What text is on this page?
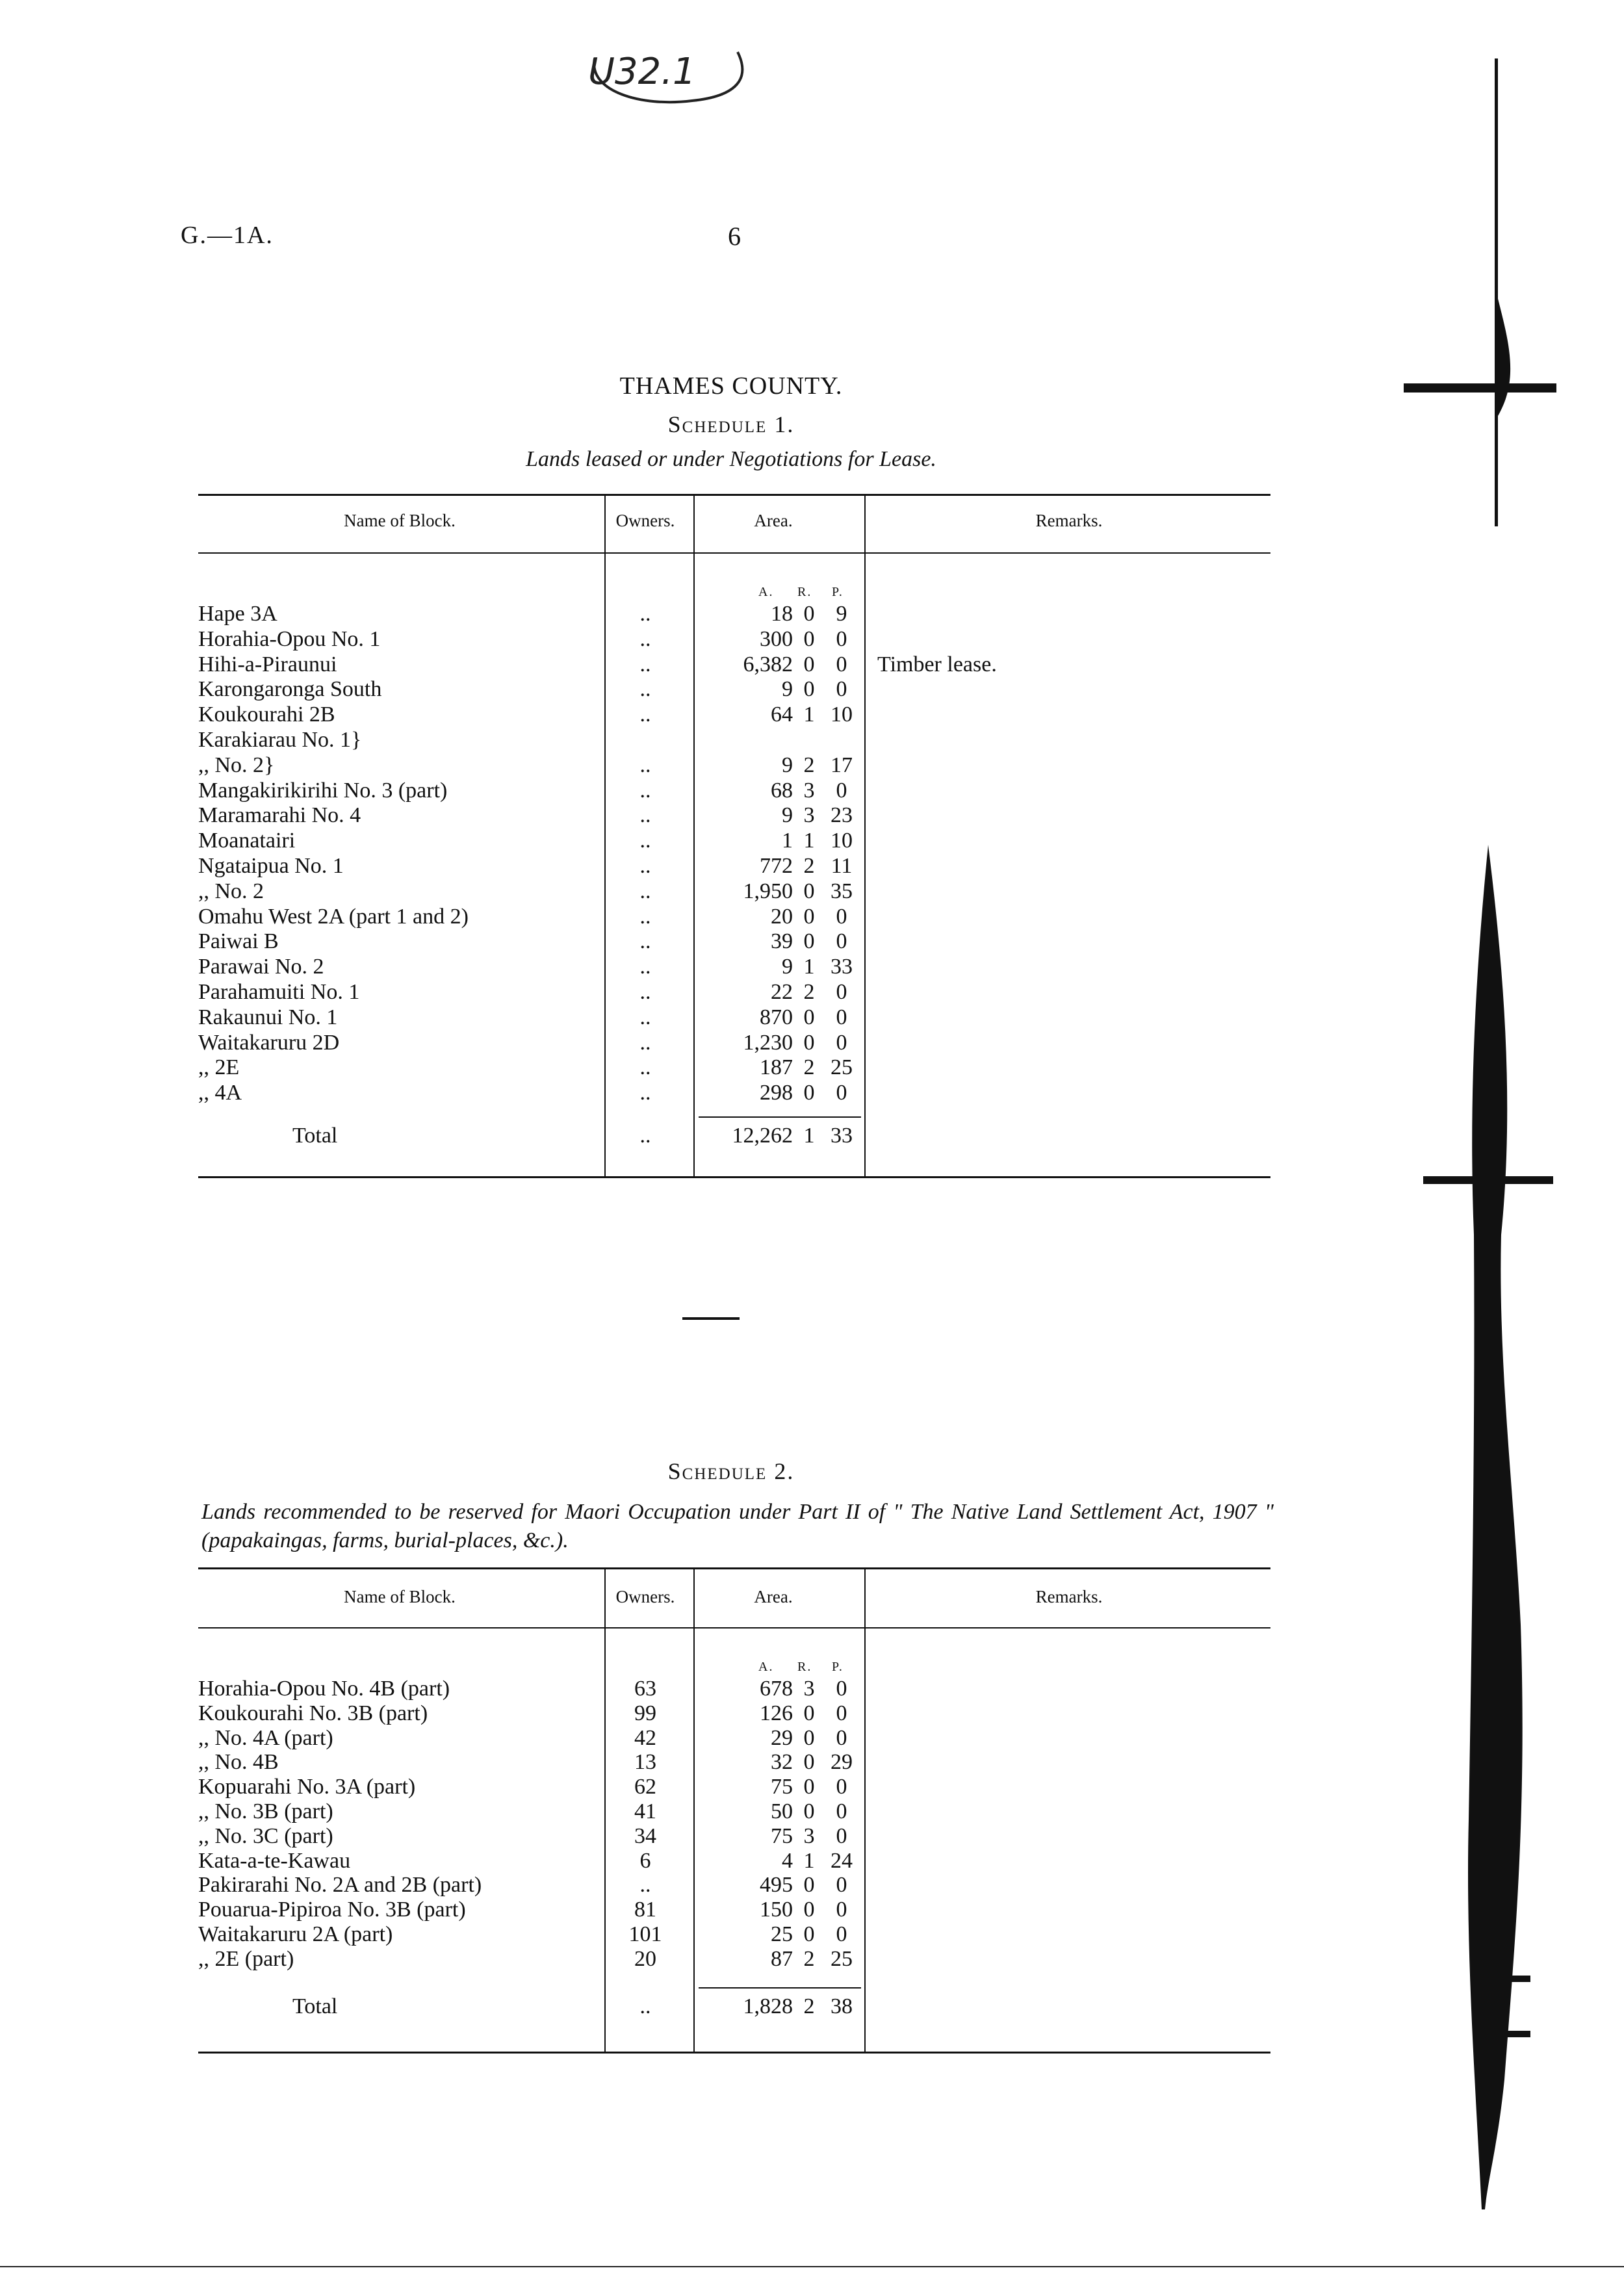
U32.1
G.—1A.	6
THAMES COUNTY.
Schedule 1.
Lands leased or under Negotiations for Lease.
Name of Block.	Owners.	Area.	Remarks.
A. R. P.
Hape 3A	..	18 0 9
Horahia-Opou No. 1	..	300 0 0
Hihi-a-Piraunui	..	6,382 0 0	Timber lease.
Karongaronga South	..	9 0 0
Koukourahi 2B	..	64 1 10
Karakiarau No. 1}
,, No. 2}	..	9 2 17
Mangakirikirihi No. 3 (part)	..	68 3 0
Maramarahi No. 4	..	9 3 23
Moanatairi	..	1 1 10
Ngataipua No. 1	..	772 2 11
,, No. 2	..	1,950 0 35
Omahu West 2A (part 1 and 2)	..	20 0 0
Paiwai B	..	39 0 0
Parawai No. 2	..	9 1 33
Parahamuiti No. 1	..	22 2 0
Rakaunui No. 1	..	870 0 0
Waitakaruru 2D	..	1,230 0 0
,, 2E	..	187 2 25
,, 4A	..	298 0 0
Total	..	12,262 1 33
Schedule 2.
Lands recommended to be reserved for Maori Occupation under Part II of " The Native Land Settlement Act, 1907 " (papakaingas, farms, burial-places, &c.).
Name of Block.	Owners.	Area.	Remarks.
A. R. P.
Horahia-Opou No. 4B (part)	63	678 3 0
Koukourahi No. 3B (part)	99	126 0 0
,, No. 4A (part)	42	29 0 0
,, No. 4B	13	32 0 29
Kopuarahi No. 3A (part)	62	75 0 0
,, No. 3B (part)	41	50 0 0
,, No. 3C (part)	34	75 3 0
Kata-a-te-Kawau	6	4 1 24
Pakirarahi No. 2A and 2B (part)	..	495 0 0
Pouarua-Pipiroa No. 3B (part)	81	150 0 0
Waitakaruru 2A (part)	101	25 0 0
,, 2E (part)	20	87 2 25
Total	..	1,828 2 38
